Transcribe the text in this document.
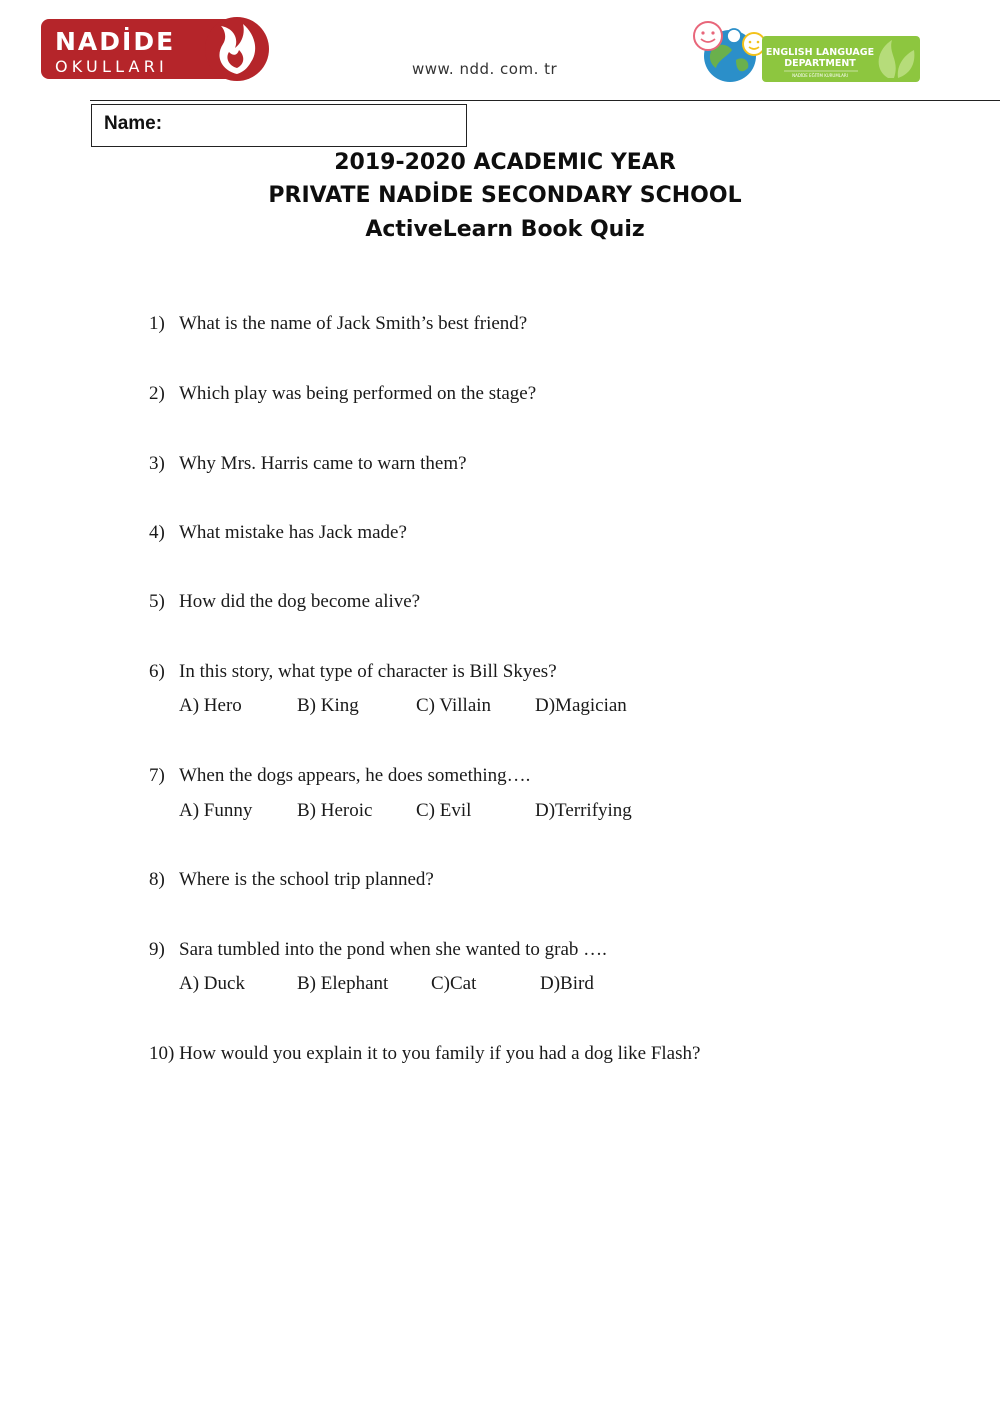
NADİDE
OKULLARI	www. ndd. com. tr
ENGLISH LANGUAGE
DEPARTMENT
NADİDE EĞİTİM KURUMLARI
Name:
2019-2020 ACADEMIC YEAR
PRIVATE NADİDE SECONDARY SCHOOL
ActiveLearn Book Quiz
1) What is the name of Jack Smith’s best friend?
2) Which play was being performed on the stage?
3) Why Mrs. Harris came to warn them?
4) What mistake has Jack made?
5) How did the dog become alive?
6) In this story, what type of character is Bill Skyes?
A) Hero	B) King	C) Villain D)Magician
7) When the dogs appears, he does something….
A) Funny B) Heroic C) Evil	D)Terrifying
8) Where is the school trip planned?
9) Sara tumbled into the pond when she wanted to grab ….
A) Duck	B) Elephant C)Cat	D)Bird
10) How would you explain it to you family if you had a dog like Flash?
